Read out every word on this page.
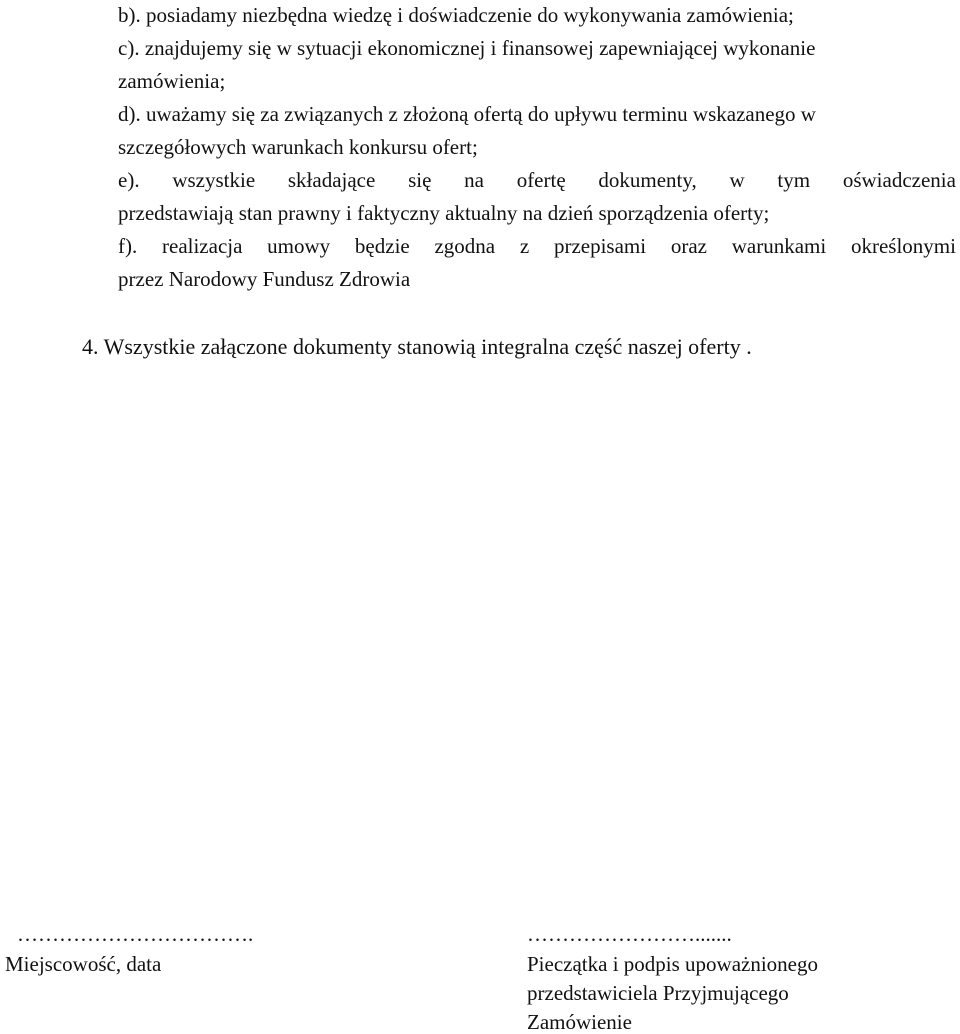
b). posiadamy niezbędna wiedzę i doświadczenie do wykonywania zamówienia;
c). znajdujemy się w sytuacji ekonomicznej i finansowej zapewniającej wykonanie
zamówienia;
d). uważamy się za związanych z złożoną ofertą do upływu terminu wskazanego w
szczegółowych warunkach konkursu ofert;
e). wszystkie składające się na ofertę dokumenty, w tym oświadczenia
przedstawiają stan prawny i faktyczny aktualny na dzień sporządzenia oferty;
f). realizacja umowy będzie zgodna z przepisami oraz warunkami określonymi
przez Narodowy Fundusz Zdrowia
4. Wszystkie załączone dokumenty stanowią integralna część naszej oferty .
…………………………….
Miejscowość, data
…………………….......
Pieczątka i podpis upoważnionego
przedstawiciela Przyjmującego
Zamówienie
